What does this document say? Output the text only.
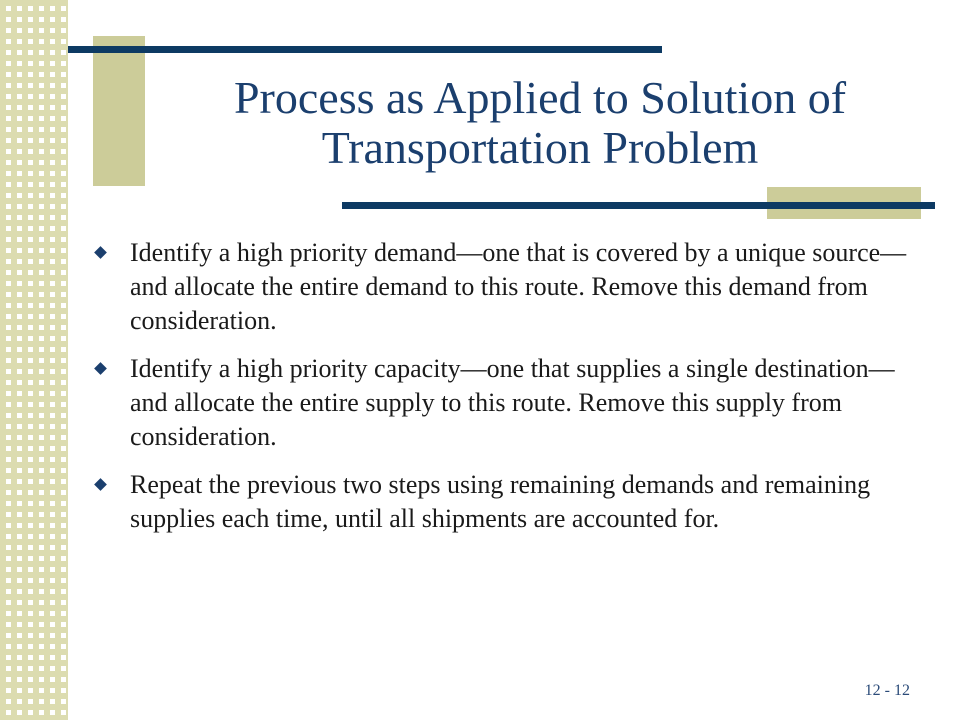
Process as Applied to Solution of Transportation Problem
Identify a high priority demand—one that is covered by a unique source—and allocate the entire demand to this route. Remove this demand from consideration.
Identify a high priority capacity—one that supplies a single destination—and allocate the entire supply to this route. Remove this supply from consideration.
Repeat the previous two steps using remaining demands and remaining supplies each time, until all shipments are accounted for.
12 - 12
